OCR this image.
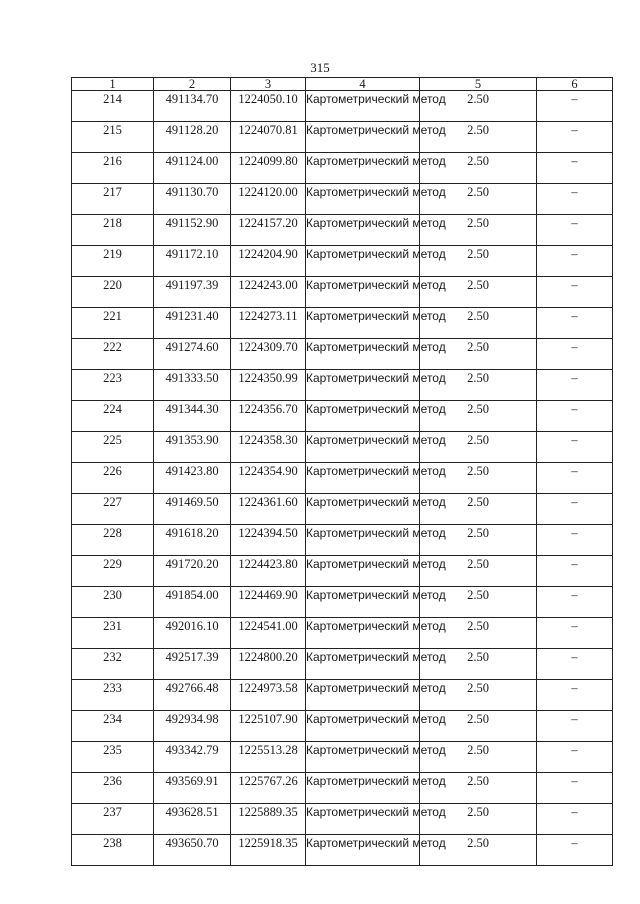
315
1	2	3	4	5	6
214	491134.70	1224050.10	Картометрический метод	2.50	–
215	491128.20	1224070.81	Картометрический метод	2.50	–
216	491124.00	1224099.80	Картометрический метод	2.50	–
217	491130.70	1224120.00	Картометрический метод	2.50	–
218	491152.90	1224157.20	Картометрический метод	2.50	–
219	491172.10	1224204.90	Картометрический метод	2.50	–
220	491197.39	1224243.00	Картометрический метод	2.50	–
221	491231.40	1224273.11	Картометрический метод	2.50	–
222	491274.60	1224309.70	Картометрический метод	2.50	–
223	491333.50	1224350.99	Картометрический метод	2.50	–
224	491344.30	1224356.70	Картометрический метод	2.50	–
225	491353.90	1224358.30	Картометрический метод	2.50	–
226	491423.80	1224354.90	Картометрический метод	2.50	–
227	491469.50	1224361.60	Картометрический метод	2.50	–
228	491618.20	1224394.50	Картометрический метод	2.50	–
229	491720.20	1224423.80	Картометрический метод	2.50	–
230	491854.00	1224469.90	Картометрический метод	2.50	–
231	492016.10	1224541.00	Картометрический метод	2.50	–
232	492517.39	1224800.20	Картометрический метод	2.50	–
233	492766.48	1224973.58	Картометрический метод	2.50	–
234	492934.98	1225107.90	Картометрический метод	2.50	–
235	493342.79	1225513.28	Картометрический метод	2.50	–
236	493569.91	1225767.26	Картометрический метод	2.50	–
237	493628.51	1225889.35	Картометрический метод	2.50	–
238	493650.70	1225918.35	Картометрический метод	2.50	–
